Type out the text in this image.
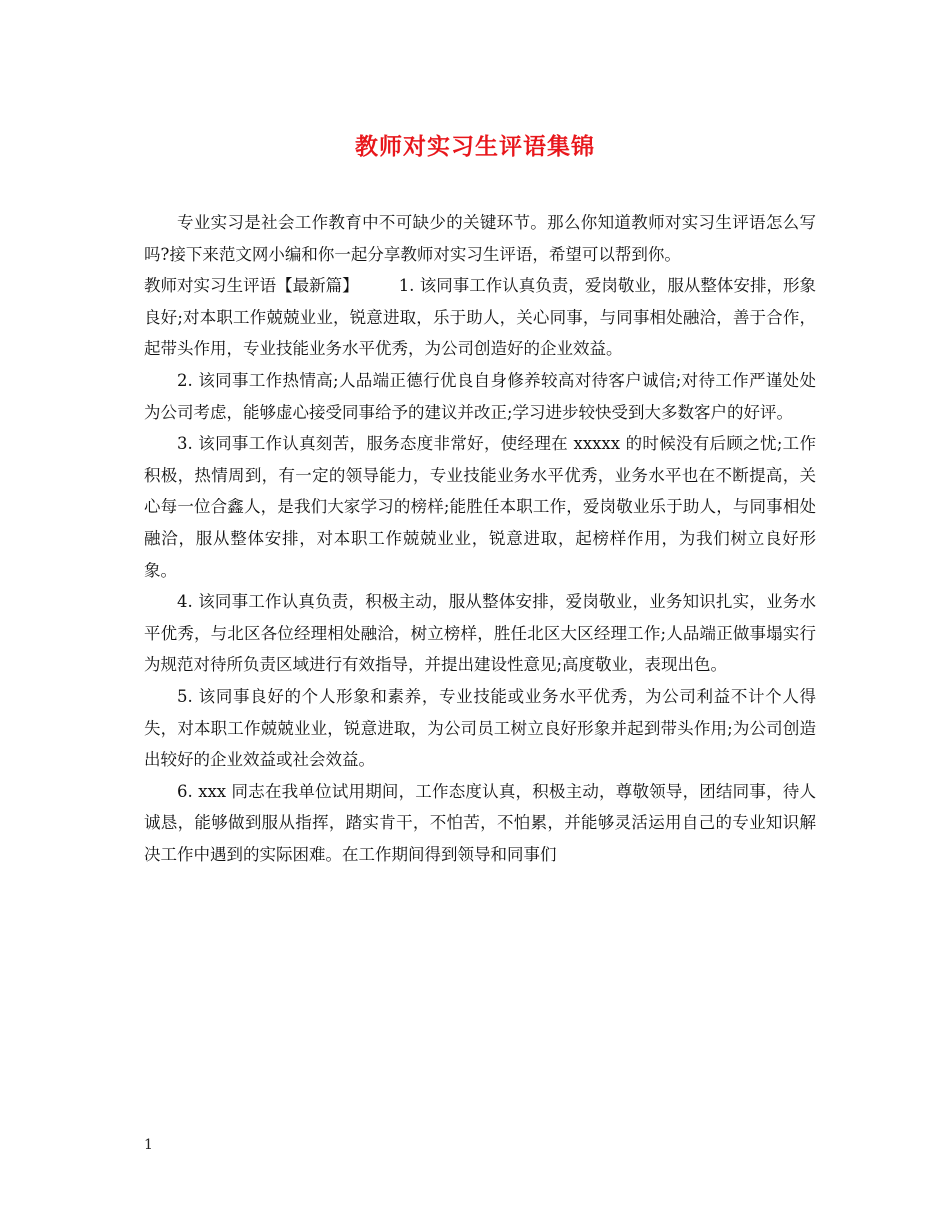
教师对实习生评语集锦

专业实习是社会工作教育中不可缺少的关键环节。那么你知道教师对实习生评语怎么写吗?接下来范文网小编和你一起分享教师对实习生评语，希望可以帮到你。

教师对实习生评语【最新篇】 1. 该同事工作认真负责，爱岗敬业，服从整体安排，形象良好;对本职工作兢兢业业，锐意进取，乐于助人，关心同事，与同事相处融洽，善于合作，起带头作用，专业技能业务水平优秀，为公司创造好的企业效益。

2. 该同事工作热情高;人品端正德行优良自身修养较高对待客户诚信;对待工作严谨处处为公司考虑，能够虚心接受同事给予的建议并改正;学习进步较快受到大多数客户的好评。

3. 该同事工作认真刻苦，服务态度非常好，使经理在 xxxxx 的时候没有后顾之忧;工作积极，热情周到，有一定的领导能力，专业技能业务水平优秀，业务水平也在不断提高，关心每一位合鑫人，是我们大家学习的榜样;能胜任本职工作，爱岗敬业乐于助人，与同事相处融洽，服从整体安排，对本职工作兢兢业业，锐意进取，起榜样作用，为我们树立良好形象。

4. 该同事工作认真负责，积极主动，服从整体安排，爱岗敬业，业务知识扎实，业务水平优秀，与北区各位经理相处融洽，树立榜样，胜任北区大区经理工作;人品端正做事塌实行为规范对待所负责区域进行有效指导，并提出建设性意见;高度敬业，表现出色。

5. 该同事良好的个人形象和素养，专业技能或业务水平优秀，为公司利益不计个人得失，对本职工作兢兢业业，锐意进取，为公司员工树立良好形象并起到带头作用;为公司创造出较好的企业效益或社会效益。

6. xxx 同志在我单位试用期间，工作态度认真，积极主动，尊敬领导，团结同事，待人诚恳，能够做到服从指挥，踏实肯干，不怕苦，不怕累，并能够灵活运用自己的专业知识解决工作中遇到的实际困难。在工作期间得到领导和同事们

1
